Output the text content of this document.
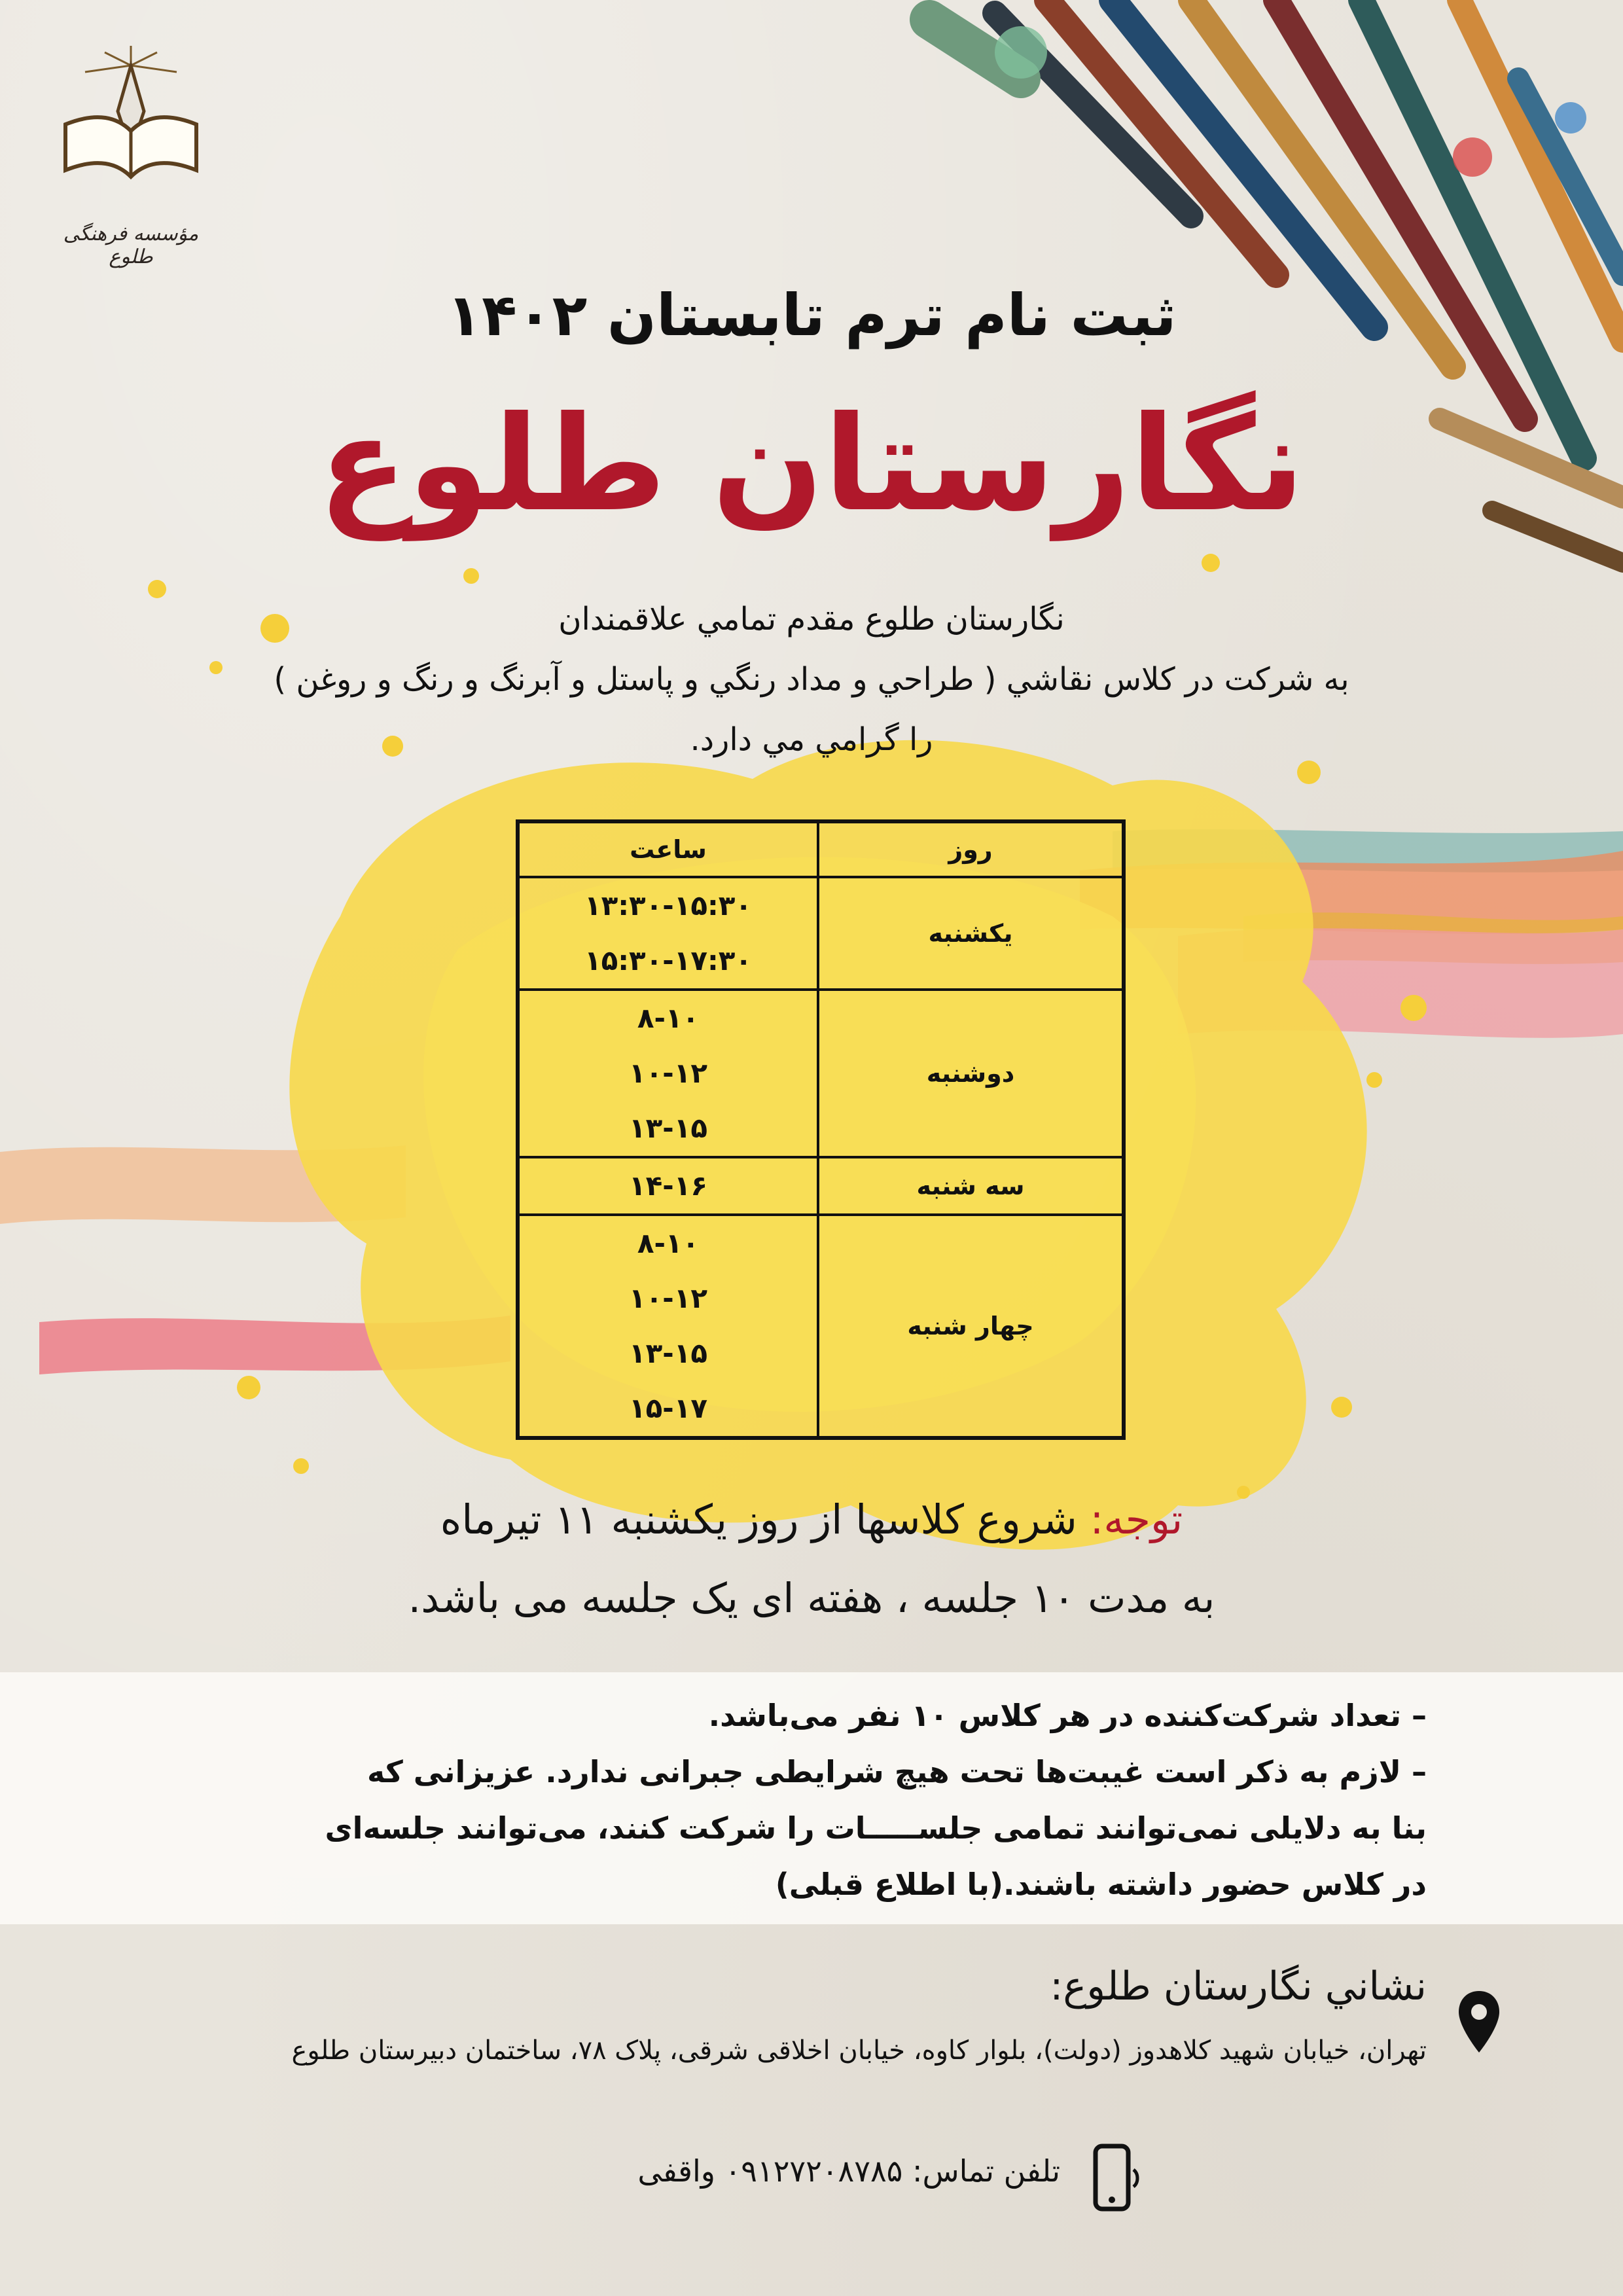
مؤسسه فرهنگی طلوع
ثبت نام ترم تابستان ۱۴۰۲
نگارستان طلوع
نگارستان طلوع مقدم تمامي علاقمندان
به شركت در كلاس نقاشي ( طراحي و مداد رنگي و پاستل و آبرنگ و رنگ و روغن )
را گرامي مي دارد.
روز	ساعت
یکشنبه	۱۳:۳۰-۱۵:۳۰
۱۵:۳۰-۱۷:۳۰

دوشنبه	۸-۱۰
۱۰-۱۲
۱۳-۱۵

سه شنبه	۱۴-۱۶

چهار شنبه	۸-۱۰
۱۰-۱۲
۱۳-۱۵
۱۵-۱۷
توجه: شروع کلاسها از روز یکشنبه ۱۱ تیرماه
به مدت ۱۰ جلسه ، هفته ای یک جلسه می باشد.

– تعداد شرکت‌کننده در هر کلاس ۱۰ نفر می‌باشد.

– لازم به ذکر است غیبت‌ها تحت هیچ شرایطی جبرانی ندارد. عزیزانی که

بنا به دلایلی نمی‌توانند تمامی جلســـــات را شرکت کنند، می‌توانند جلسه‌ای

در کلاس حضور داشته باشند.(با اطلاع قبلی)

نشاني نگارستان طلوع:
تهران، خیابان شهید کلاهدوز (دولت)، بلوار کاوه، خیابان اخلاقی شرقی، پلاک ۷۸، ساختمان دبیرستان طلوع
تلفن تماس: ۰۹۱۲۷۲۰۸۷۸۵ واقفی
